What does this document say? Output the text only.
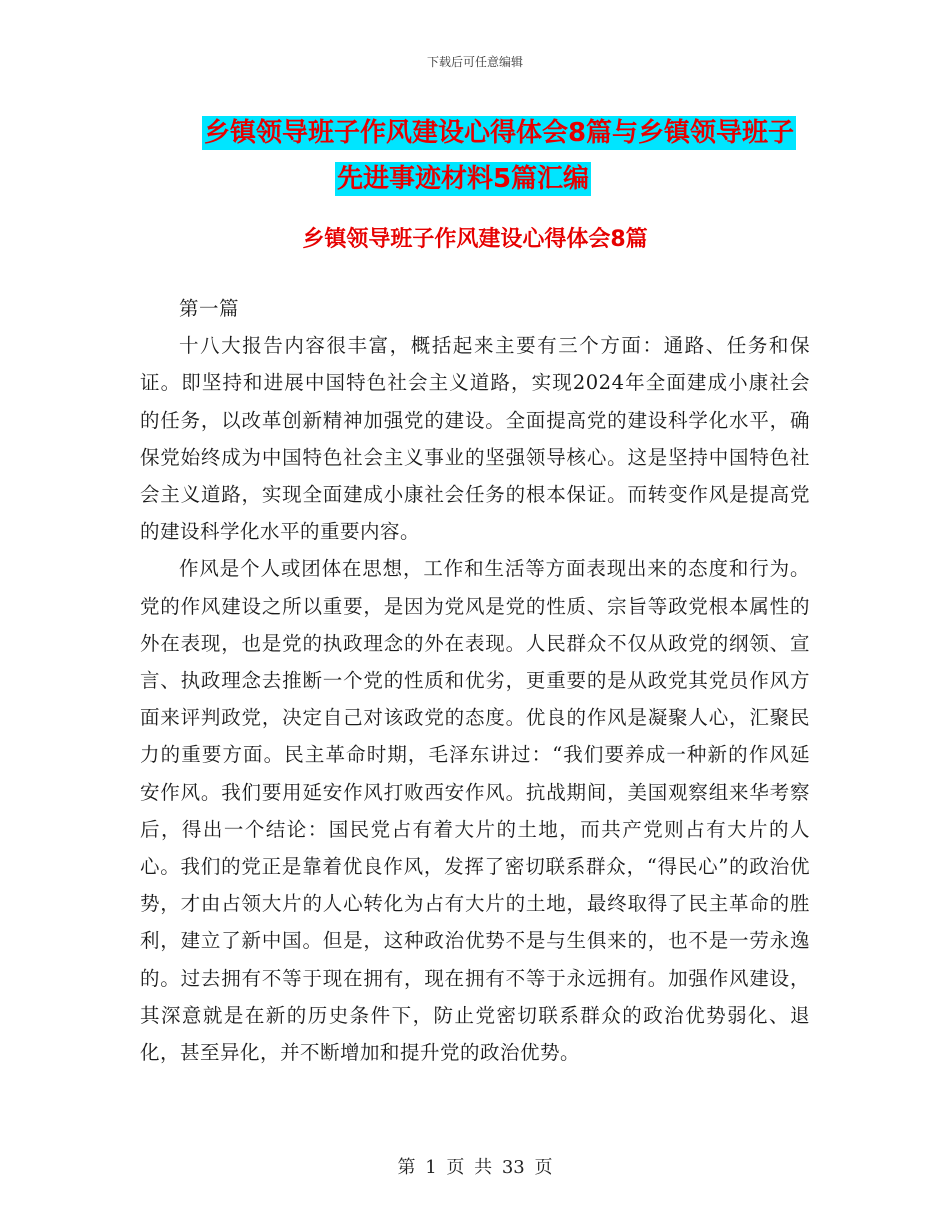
下载后可任意编辑
乡镇领导班子作风建设心得体会8篇与乡镇领导班子
先进事迹材料5篇汇编
乡镇领导班子作风建设心得体会8篇

第一篇

十八大报告内容很丰富，概括起来主要有三个方面：通路、任务和保证。即坚持和进展中国特色社会主义道路，实现2024年全面建成小康社会的任务，以改革创新精神加强党的建设。全面提高党的建设科学化水平，确保党始终成为中国特色社会主义事业的坚强领导核心。这是坚持中国特色社会主义道路，实现全面建成小康社会任务的根本保证。而转变作风是提高党的建设科学化水平的重要内容。

作风是个人或团体在思想，工作和生活等方面表现出来的态度和行为。党的作风建设之所以重要，是因为党风是党的性质、宗旨等政党根本属性的外在表现，也是党的执政理念的外在表现。人民群众不仅从政党的纲领、宣言、执政理念去推断一个党的性质和优劣，更重要的是从政党其党员作风方面来评判政党，决定自己对该政党的态度。优良的作风是凝聚人心，汇聚民力的重要方面。民主革命时期，毛泽东讲过：“我们要养成一种新的作风延安作风。我们要用延安作风打败西安作风。抗战期间，美国观察组来华考察后，得出一个结论：国民党占有着大片的土地，而共产党则占有大片的人心。我们的党正是靠着优良作风，发挥了密切联系群众，“得民心”的政治优势，才由占领大片的人心转化为占有大片的土地，最终取得了民主革命的胜利，建立了新中国。但是，这种政治优势不是与生俱来的，也不是一劳永逸的。过去拥有不等于现在拥有，现在拥有不等于永远拥有。加强作风建设，其深意就是在新的历史条件下，防止党密切联系群众的政治优势弱化、退化，甚至异化，并不断增加和提升党的政治优势。

第 1 页 共 33 页
